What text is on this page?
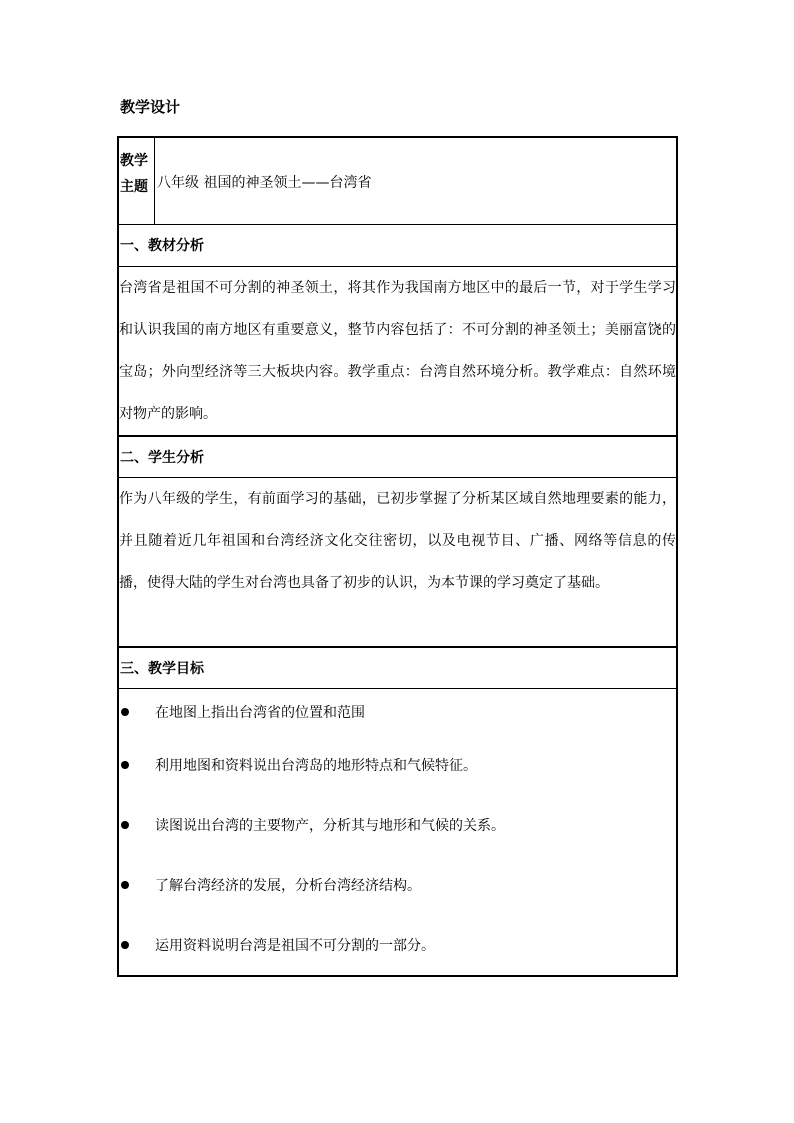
教学设计
教学
主题 八年级 祖国的神圣领土——台湾省
一、教材分析
台湾省是祖国不可分割的神圣领土，将其作为我国南方地区中的最后一节，对于学生学习和认识我国的南方地区有重要意义，整节内容包括了：不可分割的神圣领土；美丽富饶的宝岛；外向型经济等三大板块内容。教学重点：台湾自然环境分析。教学难点：自然环境对物产的影响。
二、学生分析
作为八年级的学生，有前面学习的基础，已初步掌握了分析某区域自然地理要素的能力，并且随着近几年祖国和台湾经济文化交往密切，以及电视节目、广播、网络等信息的传播，使得大陆的学生对台湾也具备了初步的认识，为本节课的学习奠定了基础。
三、教学目标
在地图上指出台湾省的位置和范围
利用地图和资料说出台湾岛的地形特点和气候特征。
读图说出台湾的主要物产，分析其与地形和气候的关系。
了解台湾经济的发展，分析台湾经济结构。
运用资料说明台湾是祖国不可分割的一部分。
